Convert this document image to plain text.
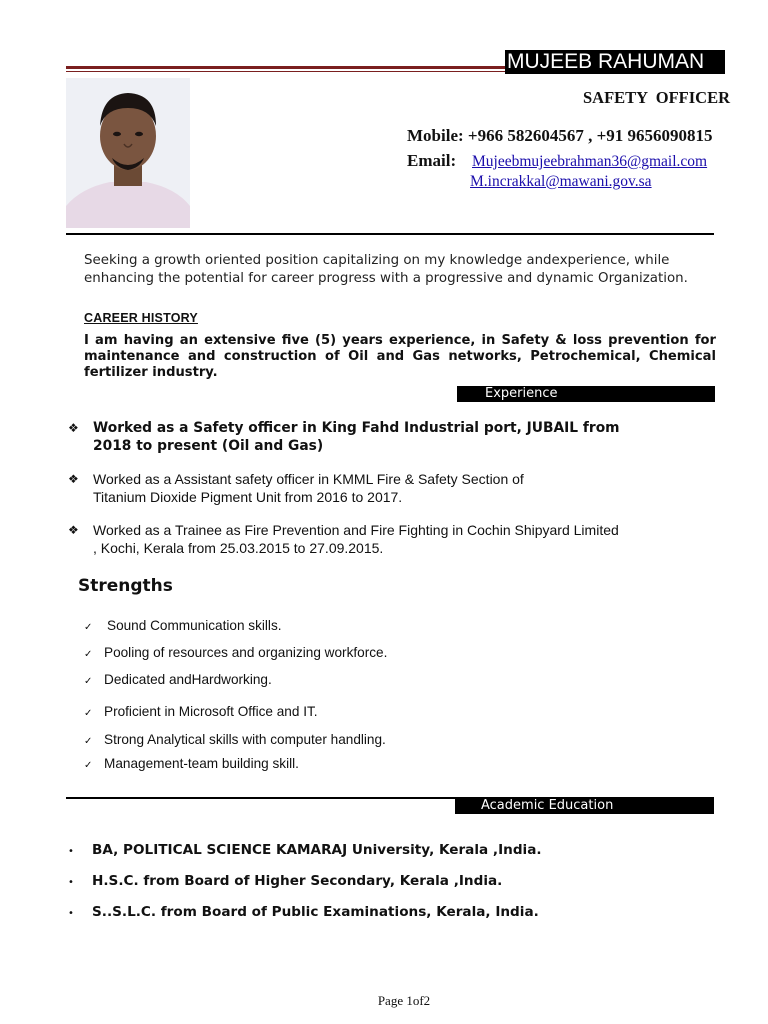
MUJEEB RAHUMAN
SAFETY  OFFICER
Mobile: +966 582604567 , +91 9656090815
Email: Mujeebmujeebrahman36@gmail.com
M.incrakkal@mawani.gov.sa
Seeking a growth oriented position capitalizing on my knowledge andexperience, while enhancing the potential for career progress with a progressive and dynamic Organization.
CAREER HISTORY
I am having an extensive five (5) years experience, in Safety & loss prevention for maintenance and construction of Oil and Gas networks, Petrochemical, Chemical fertilizer industry.
Experience
❖ Worked as a Safety officer in King Fahd Industrial port, JUBAIL from
2018 to present (Oil and Gas)
❖ Worked as a Assistant safety officer in KMML Fire & Safety Section of
Titanium Dioxide Pigment Unit from 2016 to 2017.
❖ Worked as a Trainee as Fire Prevention and Fire Fighting in Cochin Shipyard Limited
, Kochi, Kerala from 25.03.2015 to 27.09.2015.
Strengths
✓ Sound Communication skills.
✓ Pooling of resources and organizing workforce.
✓ Dedicated andHardworking.
✓ Proficient in Microsoft Office and IT.
✓ Strong Analytical skills with computer handling.
✓ Management-team building skill.
Academic Education
• BA, POLITICAL SCIENCE KAMARAJ University, Kerala ,India.
• H.S.C. from Board of Higher Secondary, Kerala ,India.
• S..S.L.C. from Board of Public Examinations, Kerala, India.
Page 1of2
